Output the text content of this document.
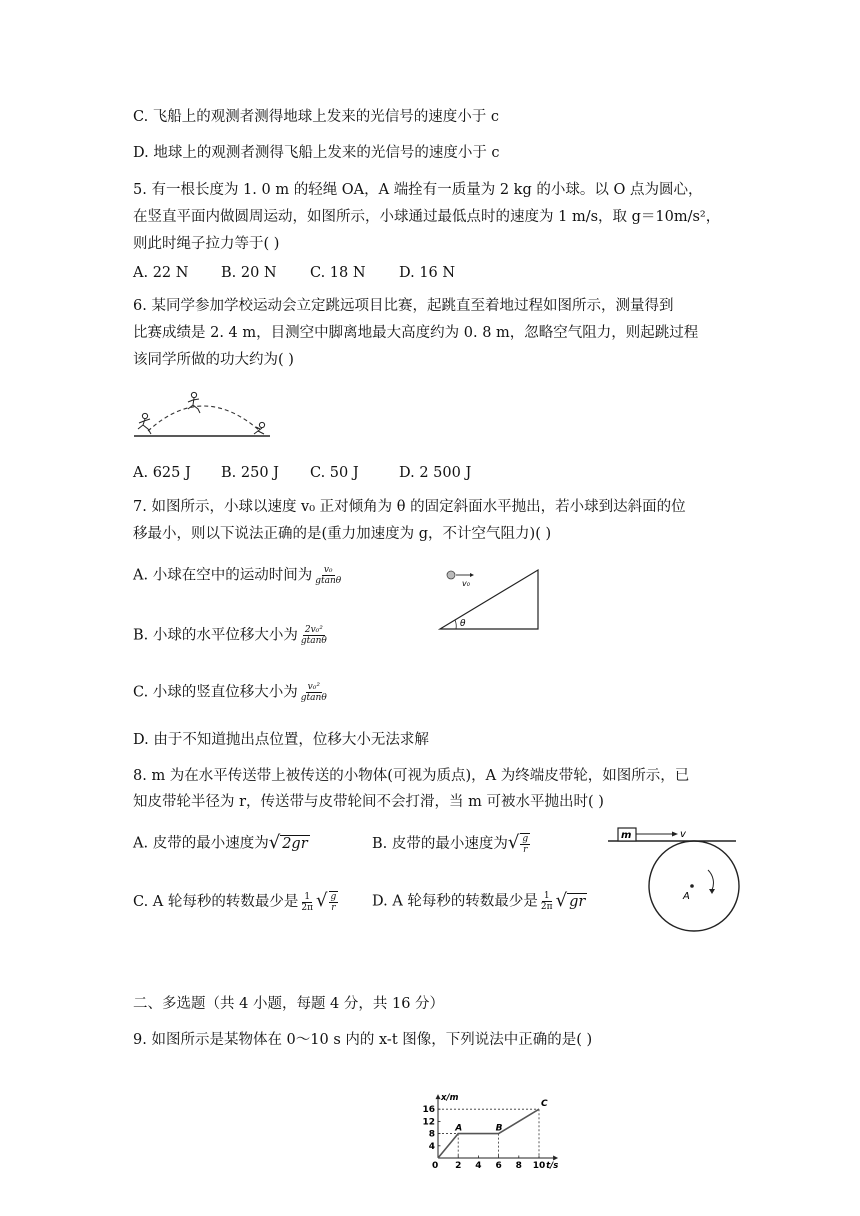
C. 飞船上的观测者测得地球上发来的光信号的速度小于 c
D. 地球上的观测者测得飞船上发来的光信号的速度小于 c
5. 有一根长度为 1. 0 m 的轻绳 OA，A 端拴有一质量为 2 kg 的小球。以 O 点为圆心，
在竖直平面内做圆周运动，如图所示，小球通过最低点时的速度为 1 m/s，取 g＝10m/s²，
则此时绳子拉力等于( )
A. 22 N B. 20 N C. 18 N D. 16 N
6. 某同学参加学校运动会立定跳远项目比赛，起跳直至着地过程如图所示，测量得到
比赛成绩是 2. 4 m，目测空中脚离地最大高度约为 0. 8 m，忽略空气阻力，则起跳过程
该同学所做的功大约为( )
A. 625 J B. 250 J C. 50 J	D. 2 500 J
7. 如图所示，小球以速度 v₀ 正对倾角为 θ 的固定斜面水平抛出，若小球到达斜面的位
移最小，则以下说法正确的是(重力加速度为 g，不计空气阻力)( )
A. 小球在空中的运动时间为 $\frac{\text{v₀}}{gtan\theta}$
B. 小球的水平位移大小为 $\frac{\text{2v₀²}}{gtan\theta}$
C. 小球的竖直位移大小为 $\frac{\text{v₀²}}{gtan\theta}$
D. 由于不知道抛出点位置，位移大小无法求解
v₀
θ
8. m 为在水平传送带上被传送的小物体(可视为质点)，A 为终端皮带轮，如图所示，已
知皮带轮半径为 r，传送带与皮带轮间不会打滑，当 m 可被水平抛出时( )
A. 皮带的最小速度为√ 2gr	B. 皮带的最小速度为√ $\frac{g}{r}$
C. A 轮每秒的转数最少是 $\frac{1}{2\pi}$ √ $\frac{g}{r} D$. A 轮每秒的转数最少是 $\frac{1}{2\pi}$ √ gr
m	v
A
二、多选题（共 4 小题，每题 4 分，共 16 分）
9. 如图所示是某物体在 0～10 s 内的 x-t 图像，下列说法中正确的是( )
x/m
t/s
0 2 4 6 8 10
4
8
12
16
A	B
C
